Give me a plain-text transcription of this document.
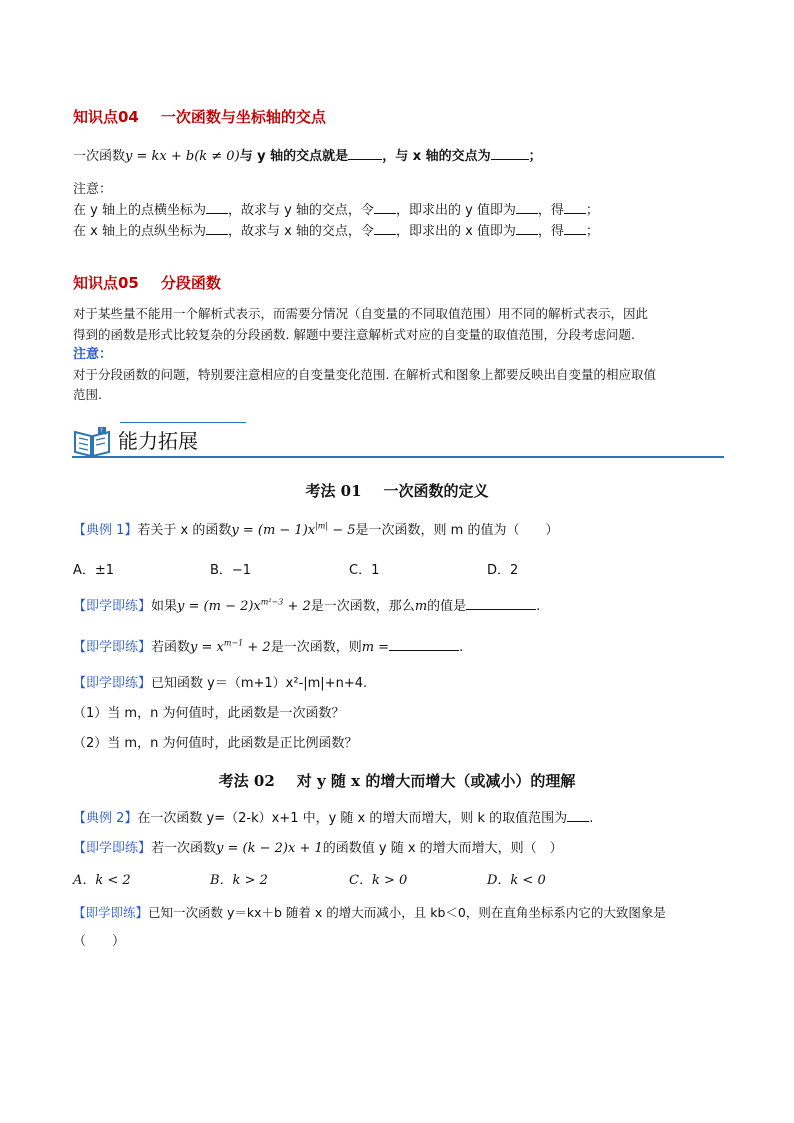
知识点04 一次函数与坐标轴的交点
一次函数y = kx + b(k ≠ 0)与 y 轴的交点就是	，与 x 轴的交点为	；
注意：
在 y 轴上的点横坐标为 ，故求与 y 轴的交点，令 ，即求出的 y 值即为 ，得 ；
在 x 轴上的点纵坐标为 ，故求与 x 轴的交点，令 ，即求出的 x 值即为 ，得 ；
知识点05 分段函数
对于某些量不能用一个解析式表示，而需要分情况（自变量的不同取值范围）用不同的解析式表示，因此
得到的函数是形式比较复杂的分段函数. 解题中要注意解析式对应的自变量的取值范围，分段考虑问题.
注意：
对于分段函数的问题，特别要注意相应的自变量变化范围. 在解析式和图象上都要反映出自变量的相应取值
范围.
? 能力拓展
考法 01 一次函数的定义
【典例 1】若关于 x 的函数$y = (m - 1)x^{|m|} - 5$是一次函数，则 m 的值为（　　）
A．±1	B．−1	C．1	D．2
【即学即练】如果$y = (m - 2)x^{m^2-3} + 2$是一次函数，那么m的值是	.
【即学即练】若函数$y = x^{m-1} + 2$是一次函数，则m =	.
【即学即练】已知函数 y＝（m+1）x²-|m|+n+4.
（1）当 m，n 为何值时，此函数是一次函数？
（2）当 m，n 为何值时，此函数是正比例函数？
考法 02 对 y 随 x 的增大而增大（或减小）的理解
【典例 2】在一次函数 y=（2-k）x+1 中，y 随 x 的增大而增大，则 k 的取值范围为 .
【即学即练】若一次函数y = (k − 2)x + 1的函数值 y 随 x 的增大而增大，则（　）
A．k < 2	B．k > 2	C．k > 0	D．k < 0
【即学即练】已知一次函数 y＝kx＋b 随着 x 的增大而减小，且 kb＜0，则在直角坐标系内它的大致图象是
（　　）
